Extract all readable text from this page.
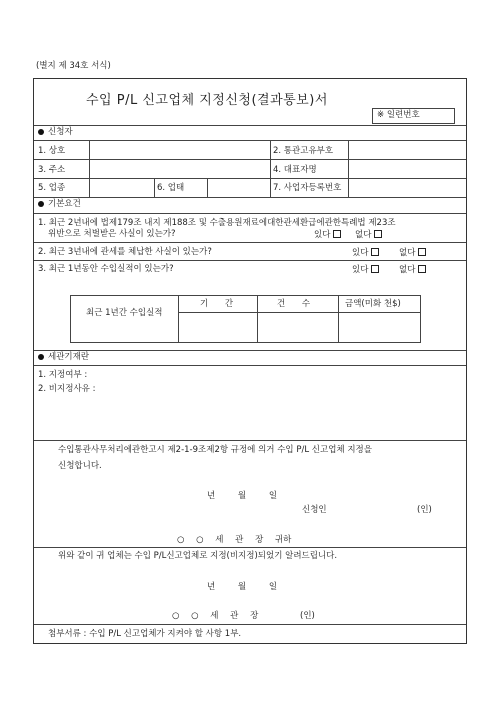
(별지 제 34호 서식)
수입 P/L 신고업체 지정신청(결과통보)서
※ 일련번호
신청자
1. 상호	2. 통관고유부호
3. 주소	4. 대표자명
5. 업종	6. 업태	7. 사업자등록번호
기본요건
1. 최근 2년내에 법제179조 내지 제188조 및 수출용원재료에대한관세환급에관한특례법 제23조
위반으로 처벌받은 사실이 있는가?	있다	없다
2. 최근 3년내에 관세를 체납한 사실이 있는가?	있다	없다
3. 최근 1년동안 수입실적이 있는가?	있다	없다
최근 1년간 수입실적
기 간	건 수	금액(미화 천$)
세관기재란
1. 지정여부 :
2. 비지정사유 :
수입통관사무처리에관한고시 제2-1-9조제2항 규정에 의거 수입 P/L 신고업체 지정을
신청합니다.
년 월 일
신청인	(인)
○ ○ 세 관 장 귀하
위와 같이 귀 업체는 수입 P/L신고업체로 지정(비지정)되었기 알려드립니다.
년 월 일
○ ○ 세 관 장	(인)
첨부서류 : 수입 P/L 신고업체가 지켜야 할 사항 1부.
